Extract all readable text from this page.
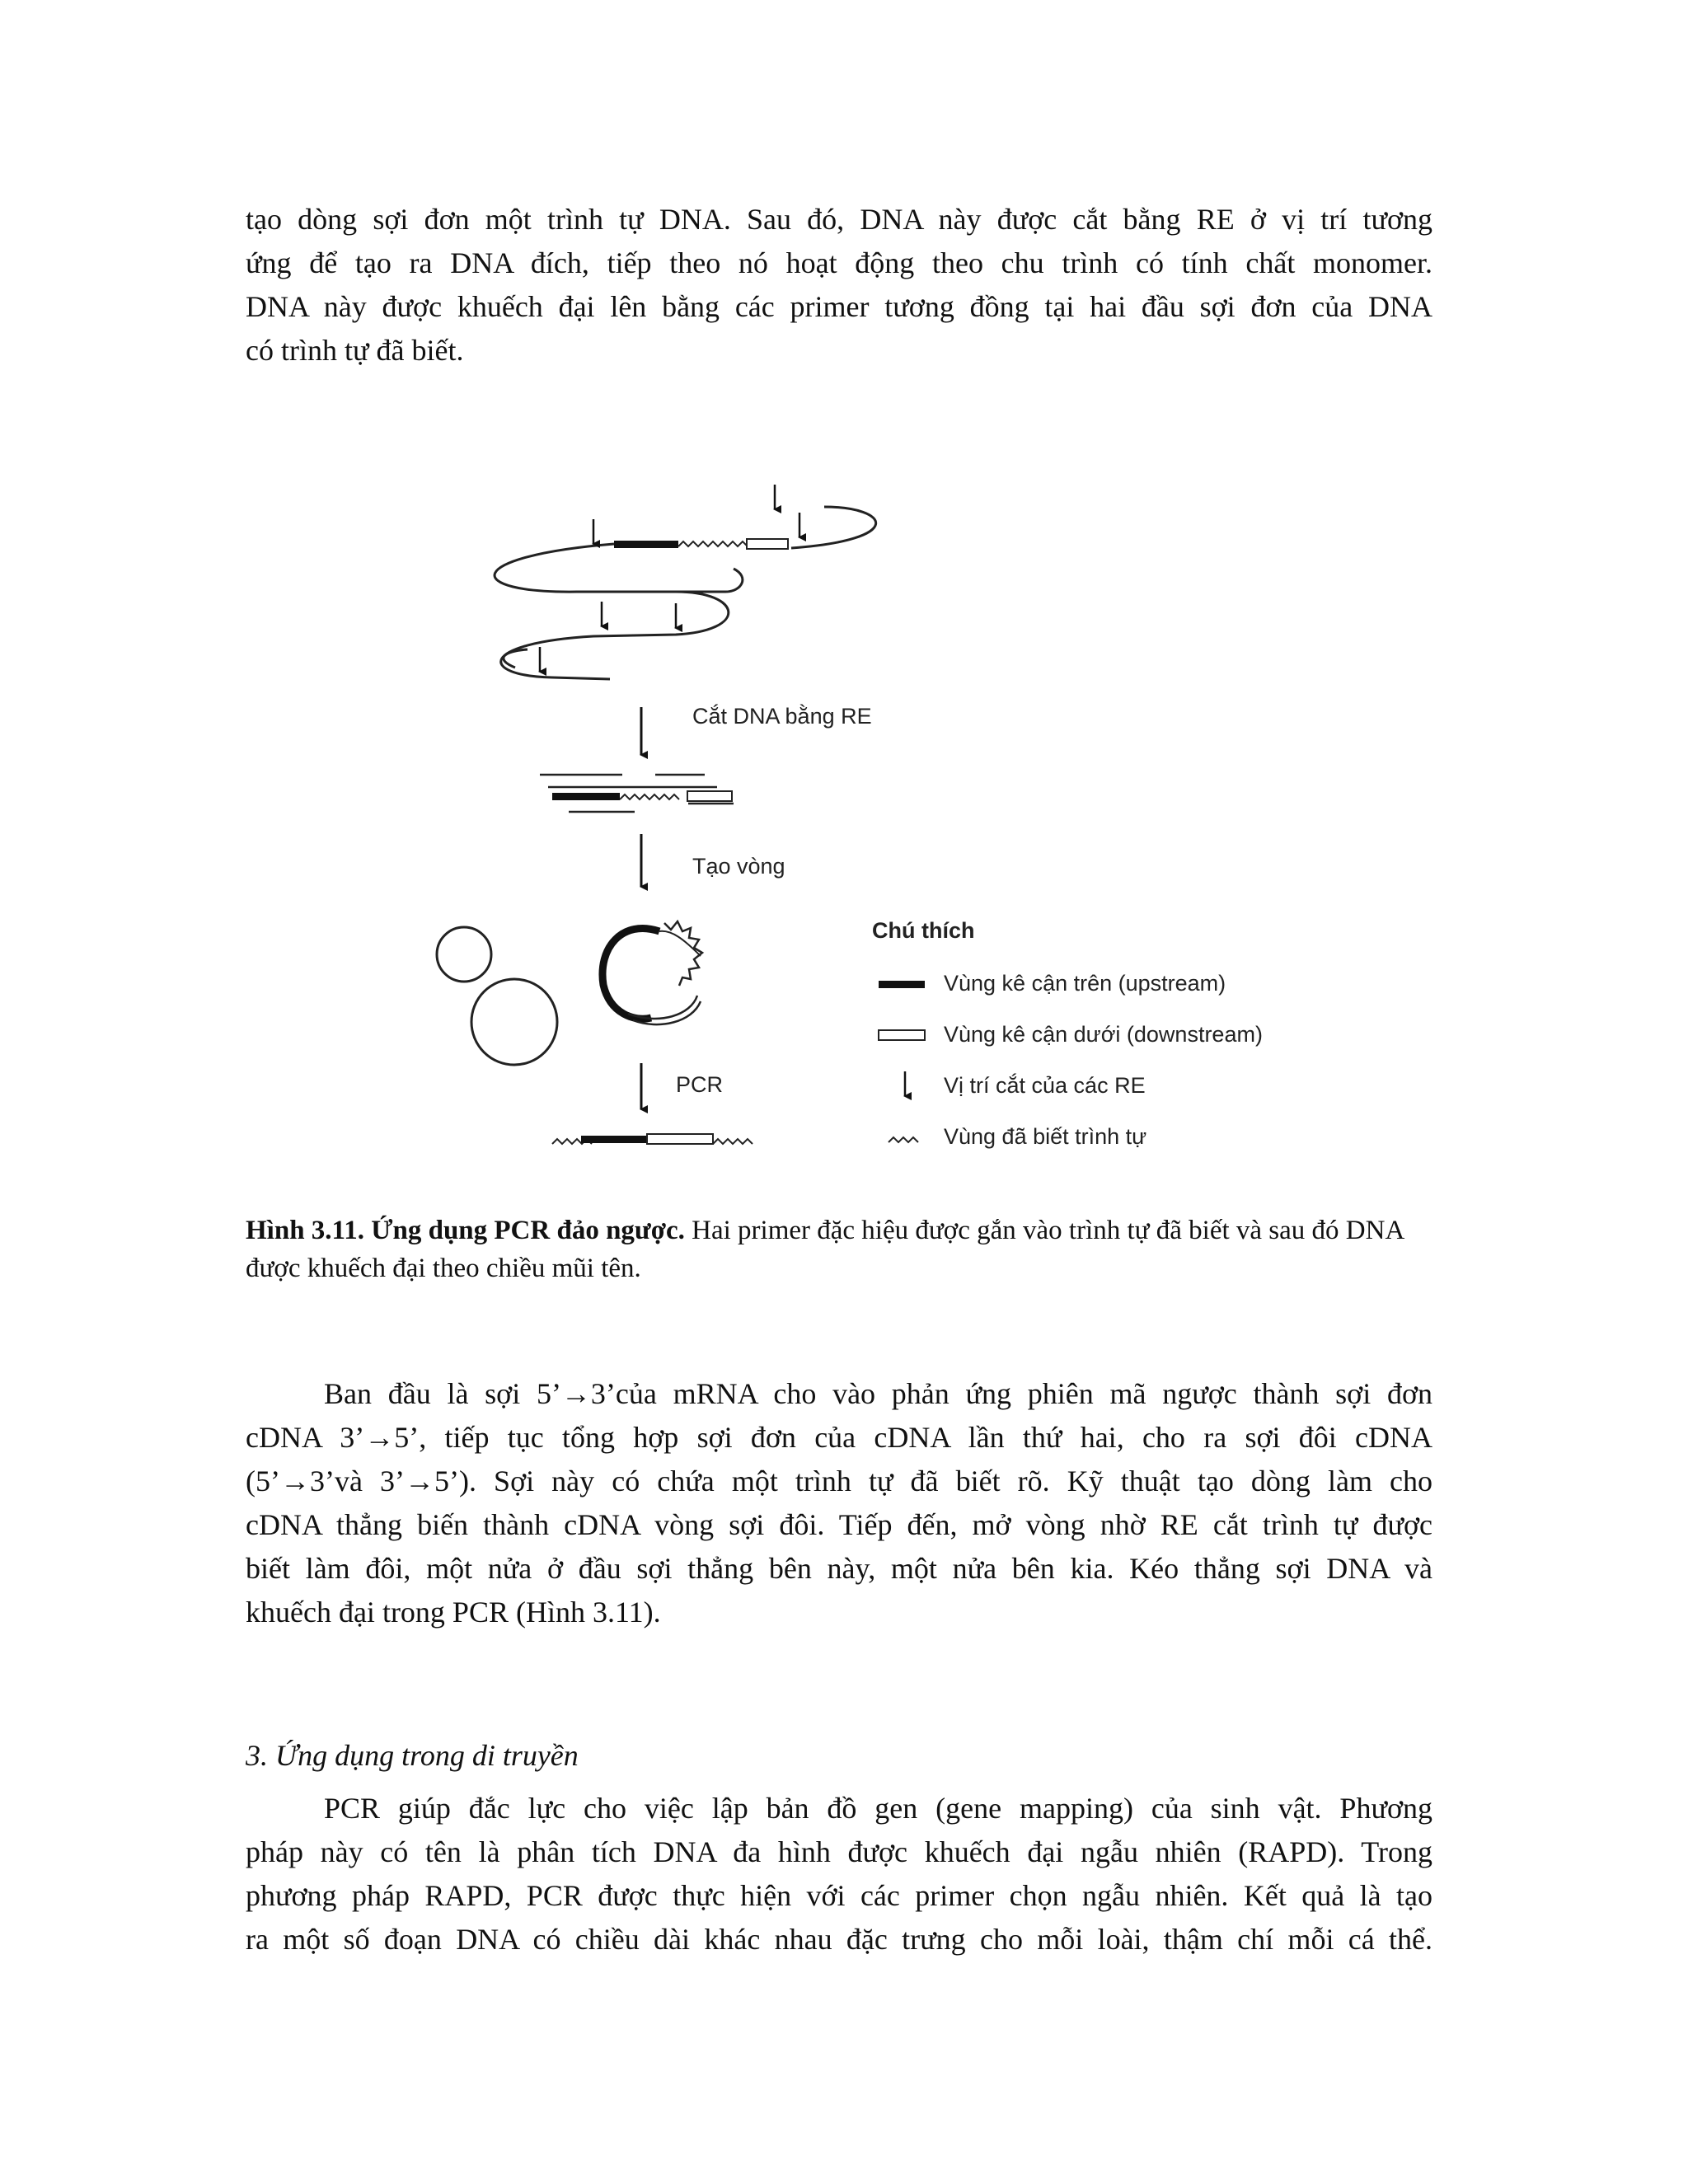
tạo dòng sợi đơn một trình tự DNA. Sau đó, DNA này được cắt bằng RE ở vị trí tương
ứng để tạo ra DNA đích, tiếp theo nó hoạt động theo chu trình có tính chất monomer.
DNA này được khuếch đại lên bằng các primer tương đồng tại hai đầu sợi đơn của DNA
có trình tự đã biết.
Cắt DNA bằng RE
Tạo vòng
PCR
Chú thích
Vùng kê cận trên (upstream)
Vùng kê cận dưới (downstream)
Vị trí cắt của các RE
Vùng đã biết trình tự
Hình 3.11. Ứng dụng PCR đảo ngược. Hai primer đặc hiệu được gắn vào trình tự đã biết và sau đó DNA được khuếch đại theo chiều mũi tên.
Ban đầu là sợi 5’→3’của mRNA cho vào phản ứng phiên mã ngược thành sợi đơn
cDNA 3’→5’, tiếp tục tổng hợp sợi đơn của cDNA lần thứ hai, cho ra sợi đôi cDNA
(5’→3’và 3’→5’). Sợi này có chứa một trình tự đã biết rõ. Kỹ thuật tạo dòng làm cho
cDNA thẳng biến thành cDNA vòng sợi đôi. Tiếp đến, mở vòng nhờ RE cắt trình tự được
biết làm đôi, một nửa ở đầu sợi thẳng bên này, một nửa bên kia. Kéo thẳng sợi DNA và
khuếch đại trong PCR (Hình 3.11).
3. Ứng dụng trong di truyền
PCR giúp đắc lực cho việc lập bản đồ gen (gene mapping) của sinh vật. Phương
pháp này có tên là phân tích DNA đa hình được khuếch đại ngẫu nhiên (RAPD). Trong
phương pháp RAPD, PCR được thực hiện với các primer chọn ngẫu nhiên. Kết quả là tạo
ra một số đoạn DNA có chiều dài khác nhau đặc trưng cho mỗi loài, thậm chí mỗi cá thể.
